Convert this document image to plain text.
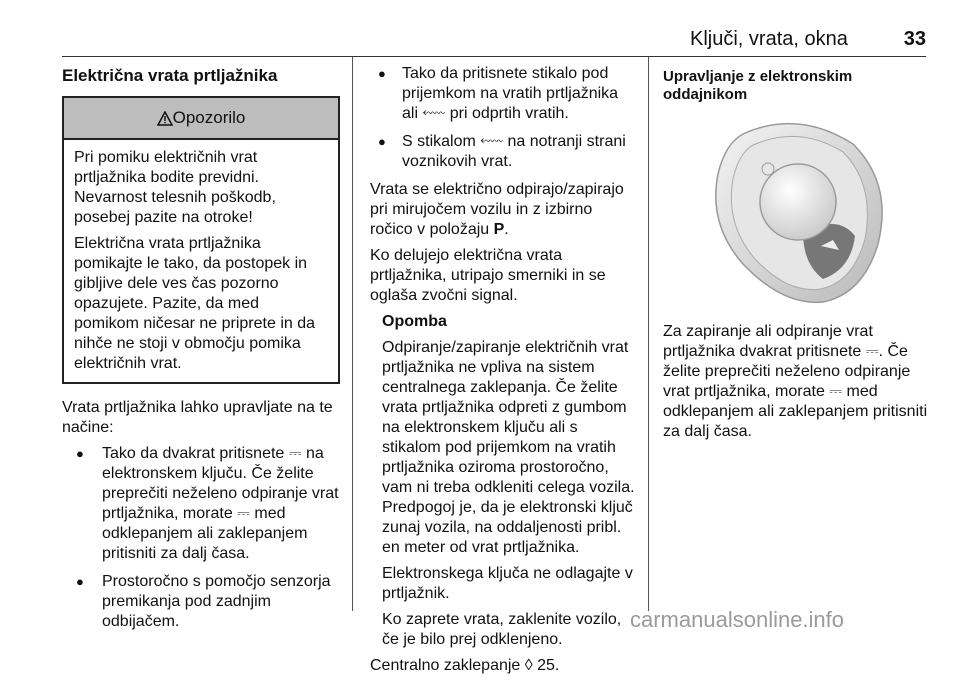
Ključi, vrata, okna	33
Električna vrata prtljažnika
Opozorilo

Pri pomiku električnih vrat prtljažnika bodite previdni. Nevarnost telesnih poškodb, posebej pazite na otroke!

Električna vrata prtljažnika pomikajte le tako, da postopek in gibljive dele ves čas pozorno opazujete. Pazite, da med pomikom ničesar ne priprete in da nihče ne stoji v območju pomika električnih vrat.

Vrata prtljažnika lahko upravljate na te načine:

● Tako da dvakrat pritisnete ⎓ na elektronskem ključu. Če želite preprečiti neželeno odpiranje vrat prtljažnika, morate ⎓ med odklepanjem ali zaklepanjem pritisniti za dalj časa.
● Prostoročno s pomočjo senzorja premikanja pod zadnjim odbijačem.
● Tako da pritisnete stikalo pod prijemkom na vratih prtljažnika ali ⬳ pri odprtih vratih.
● S stikalom ⬳ na notranji strani voznikovih vrat.

Vrata se električno odpirajo/zapirajo pri mirujočem vozilu in z izbirno ročico v položaju P.

Ko delujejo električna vrata prtljažnika, utripajo smerniki in se oglaša zvočni signal.

Opomba

Odpiranje/zapiranje električnih vrat prtljažnika ne vpliva na sistem centralnega zaklepanja. Če želite vrata prtljažnika odpreti z gumbom na elektronskem ključu ali s stikalom pod prijemkom na vratih prtljažnika oziroma prostoročno, vam ni treba odkleniti celega vozila. Predpogoj je, da je elektronski ključ zunaj vozila, na oddaljenosti pribl. en meter od vrat prtljažnika.

Elektronskega ključa ne odlagajte v prtljažnik.

Ko zaprete vrata, zaklenite vozilo, če je bilo prej odklenjeno.

Centralno zaklepanje ◊ 25.

Upravljanje z elektronskim oddajnikom

Za zapiranje ali odpiranje vrat prtljažnika dvakrat pritisnete ⎓. Če želite preprečiti neželeno odpiranje vrat prtljažnika, morate ⎓ med odklepanjem ali zaklepanjem pritisniti za dalj časa.

carmanualsonline.info
